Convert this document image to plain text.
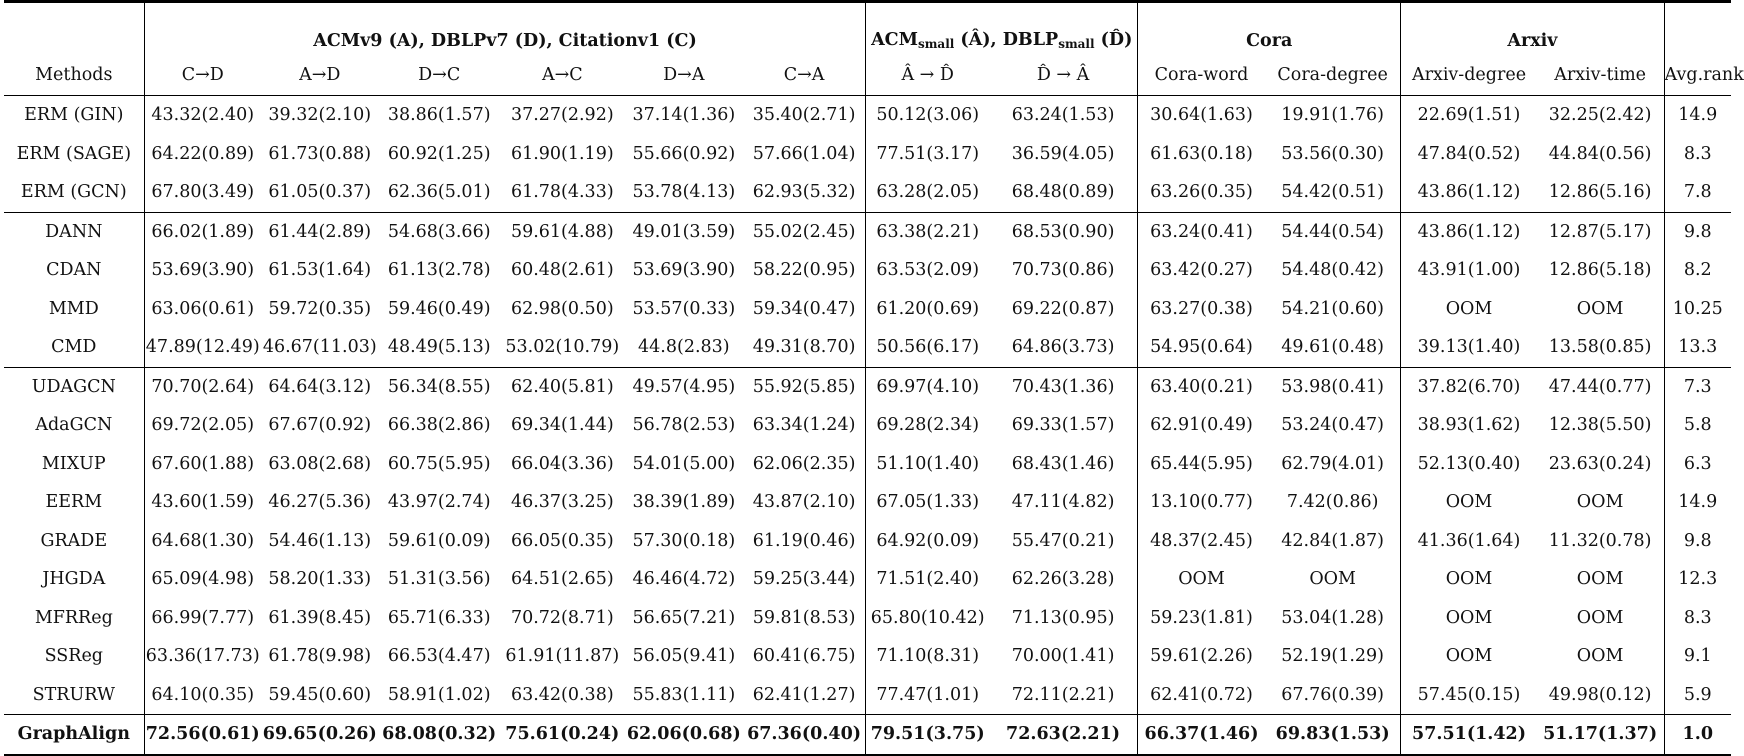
	ACMv9 (A), DBLPv7 (D), Citationv1 (C)						$ACM_{small}$ (Â), $DBLP_{small}$ (D̂)		Cora		Arxiv		
Methods	C→D	A→D	D→C	A→C	D→A	C→A	Â → D̂	D̂ → Â	Cora-word	Cora-degree	Arxiv-degree	Arxiv-time	Avg.rank
ERM (GIN)	43.32(2.40)	39.32(2.10)	38.86(1.57)	37.27(2.92)	37.14(1.36)	35.40(2.71)	50.12(3.06)	63.24(1.53)	30.64(1.63)	19.91(1.76)	22.69(1.51)	32.25(2.42)	14.9
ERM (SAGE)	64.22(0.89)	61.73(0.88)	60.92(1.25)	61.90(1.19)	55.66(0.92)	57.66(1.04)	77.51(3.17)	36.59(4.05)	61.63(0.18)	53.56(0.30)	47.84(0.52)	44.84(0.56)	8.3
ERM (GCN)	67.80(3.49)	61.05(0.37)	62.36(5.01)	61.78(4.33)	53.78(4.13)	62.93(5.32)	63.28(2.05)	68.48(0.89)	63.26(0.35)	54.42(0.51)	43.86(1.12)	12.86(5.16)	7.8
DANN	66.02(1.89)	61.44(2.89)	54.68(3.66)	59.61(4.88)	49.01(3.59)	55.02(2.45)	63.38(2.21)	68.53(0.90)	63.24(0.41)	54.44(0.54)	43.86(1.12)	12.87(5.17)	9.8
CDAN	53.69(3.90)	61.53(1.64)	61.13(2.78)	60.48(2.61)	53.69(3.90)	58.22(0.95)	63.53(2.09)	70.73(0.86)	63.42(0.27)	54.48(0.42)	43.91(1.00)	12.86(5.18)	8.2
MMD	63.06(0.61)	59.72(0.35)	59.46(0.49)	62.98(0.50)	53.57(0.33)	59.34(0.47)	61.20(0.69)	69.22(0.87)	63.27(0.38)	54.21(0.60)	OOM	OOM	10.25
CMD	47.89(12.49)	46.67(11.03)	48.49(5.13)	53.02(10.79)	44.8(2.83)	49.31(8.70)	50.56(6.17)	64.86(3.73)	54.95(0.64)	49.61(0.48)	39.13(1.40)	13.58(0.85)	13.3
UDAGCN	70.70(2.64)	64.64(3.12)	56.34(8.55)	62.40(5.81)	49.57(4.95)	55.92(5.85)	69.97(4.10)	70.43(1.36)	63.40(0.21)	53.98(0.41)	37.82(6.70)	47.44(0.77)	7.3
AdaGCN	69.72(2.05)	67.67(0.92)	66.38(2.86)	69.34(1.44)	56.78(2.53)	63.34(1.24)	69.28(2.34)	69.33(1.57)	62.91(0.49)	53.24(0.47)	38.93(1.62)	12.38(5.50)	5.8
MIXUP	67.60(1.88)	63.08(2.68)	60.75(5.95)	66.04(3.36)	54.01(5.00)	62.06(2.35)	51.10(1.40)	68.43(1.46)	65.44(5.95)	62.79(4.01)	52.13(0.40)	23.63(0.24)	6.3
EERM	43.60(1.59)	46.27(5.36)	43.97(2.74)	46.37(3.25)	38.39(1.89)	43.87(2.10)	67.05(1.33)	47.11(4.82)	13.10(0.77)	7.42(0.86)	OOM	OOM	14.9
GRADE	64.68(1.30)	54.46(1.13)	59.61(0.09)	66.05(0.35)	57.30(0.18)	61.19(0.46)	64.92(0.09)	55.47(0.21)	48.37(2.45)	42.84(1.87)	41.36(1.64)	11.32(0.78)	9.8
JHGDA	65.09(4.98)	58.20(1.33)	51.31(3.56)	64.51(2.65)	46.46(4.72)	59.25(3.44)	71.51(2.40)	62.26(3.28)	OOM	OOM	OOM	OOM	12.3
MFRReg	66.99(7.77)	61.39(8.45)	65.71(6.33)	70.72(8.71)	56.65(7.21)	59.81(8.53)	65.80(10.42)	71.13(0.95)	59.23(1.81)	53.04(1.28)	OOM	OOM	8.3
SSReg	63.36(17.73)	61.78(9.98)	66.53(4.47)	61.91(11.87)	56.05(9.41)	60.41(6.75)	71.10(8.31)	70.00(1.41)	59.61(2.26)	52.19(1.29)	OOM	OOM	9.1
STRURW	64.10(0.35)	59.45(0.60)	58.91(1.02)	63.42(0.38)	55.83(1.11)	62.41(1.27)	77.47(1.01)	72.11(2.21)	62.41(0.72)	67.76(0.39)	57.45(0.15)	49.98(0.12)	5.9
GraphAlign	72.56(0.61)	69.65(0.26)	68.08(0.32)	75.61(0.24)	62.06(0.68)	67.36(0.40)	79.51(3.75)	72.63(2.21)	66.37(1.46)	69.83(1.53)	57.51(1.42)	51.17(1.37)	1.0
